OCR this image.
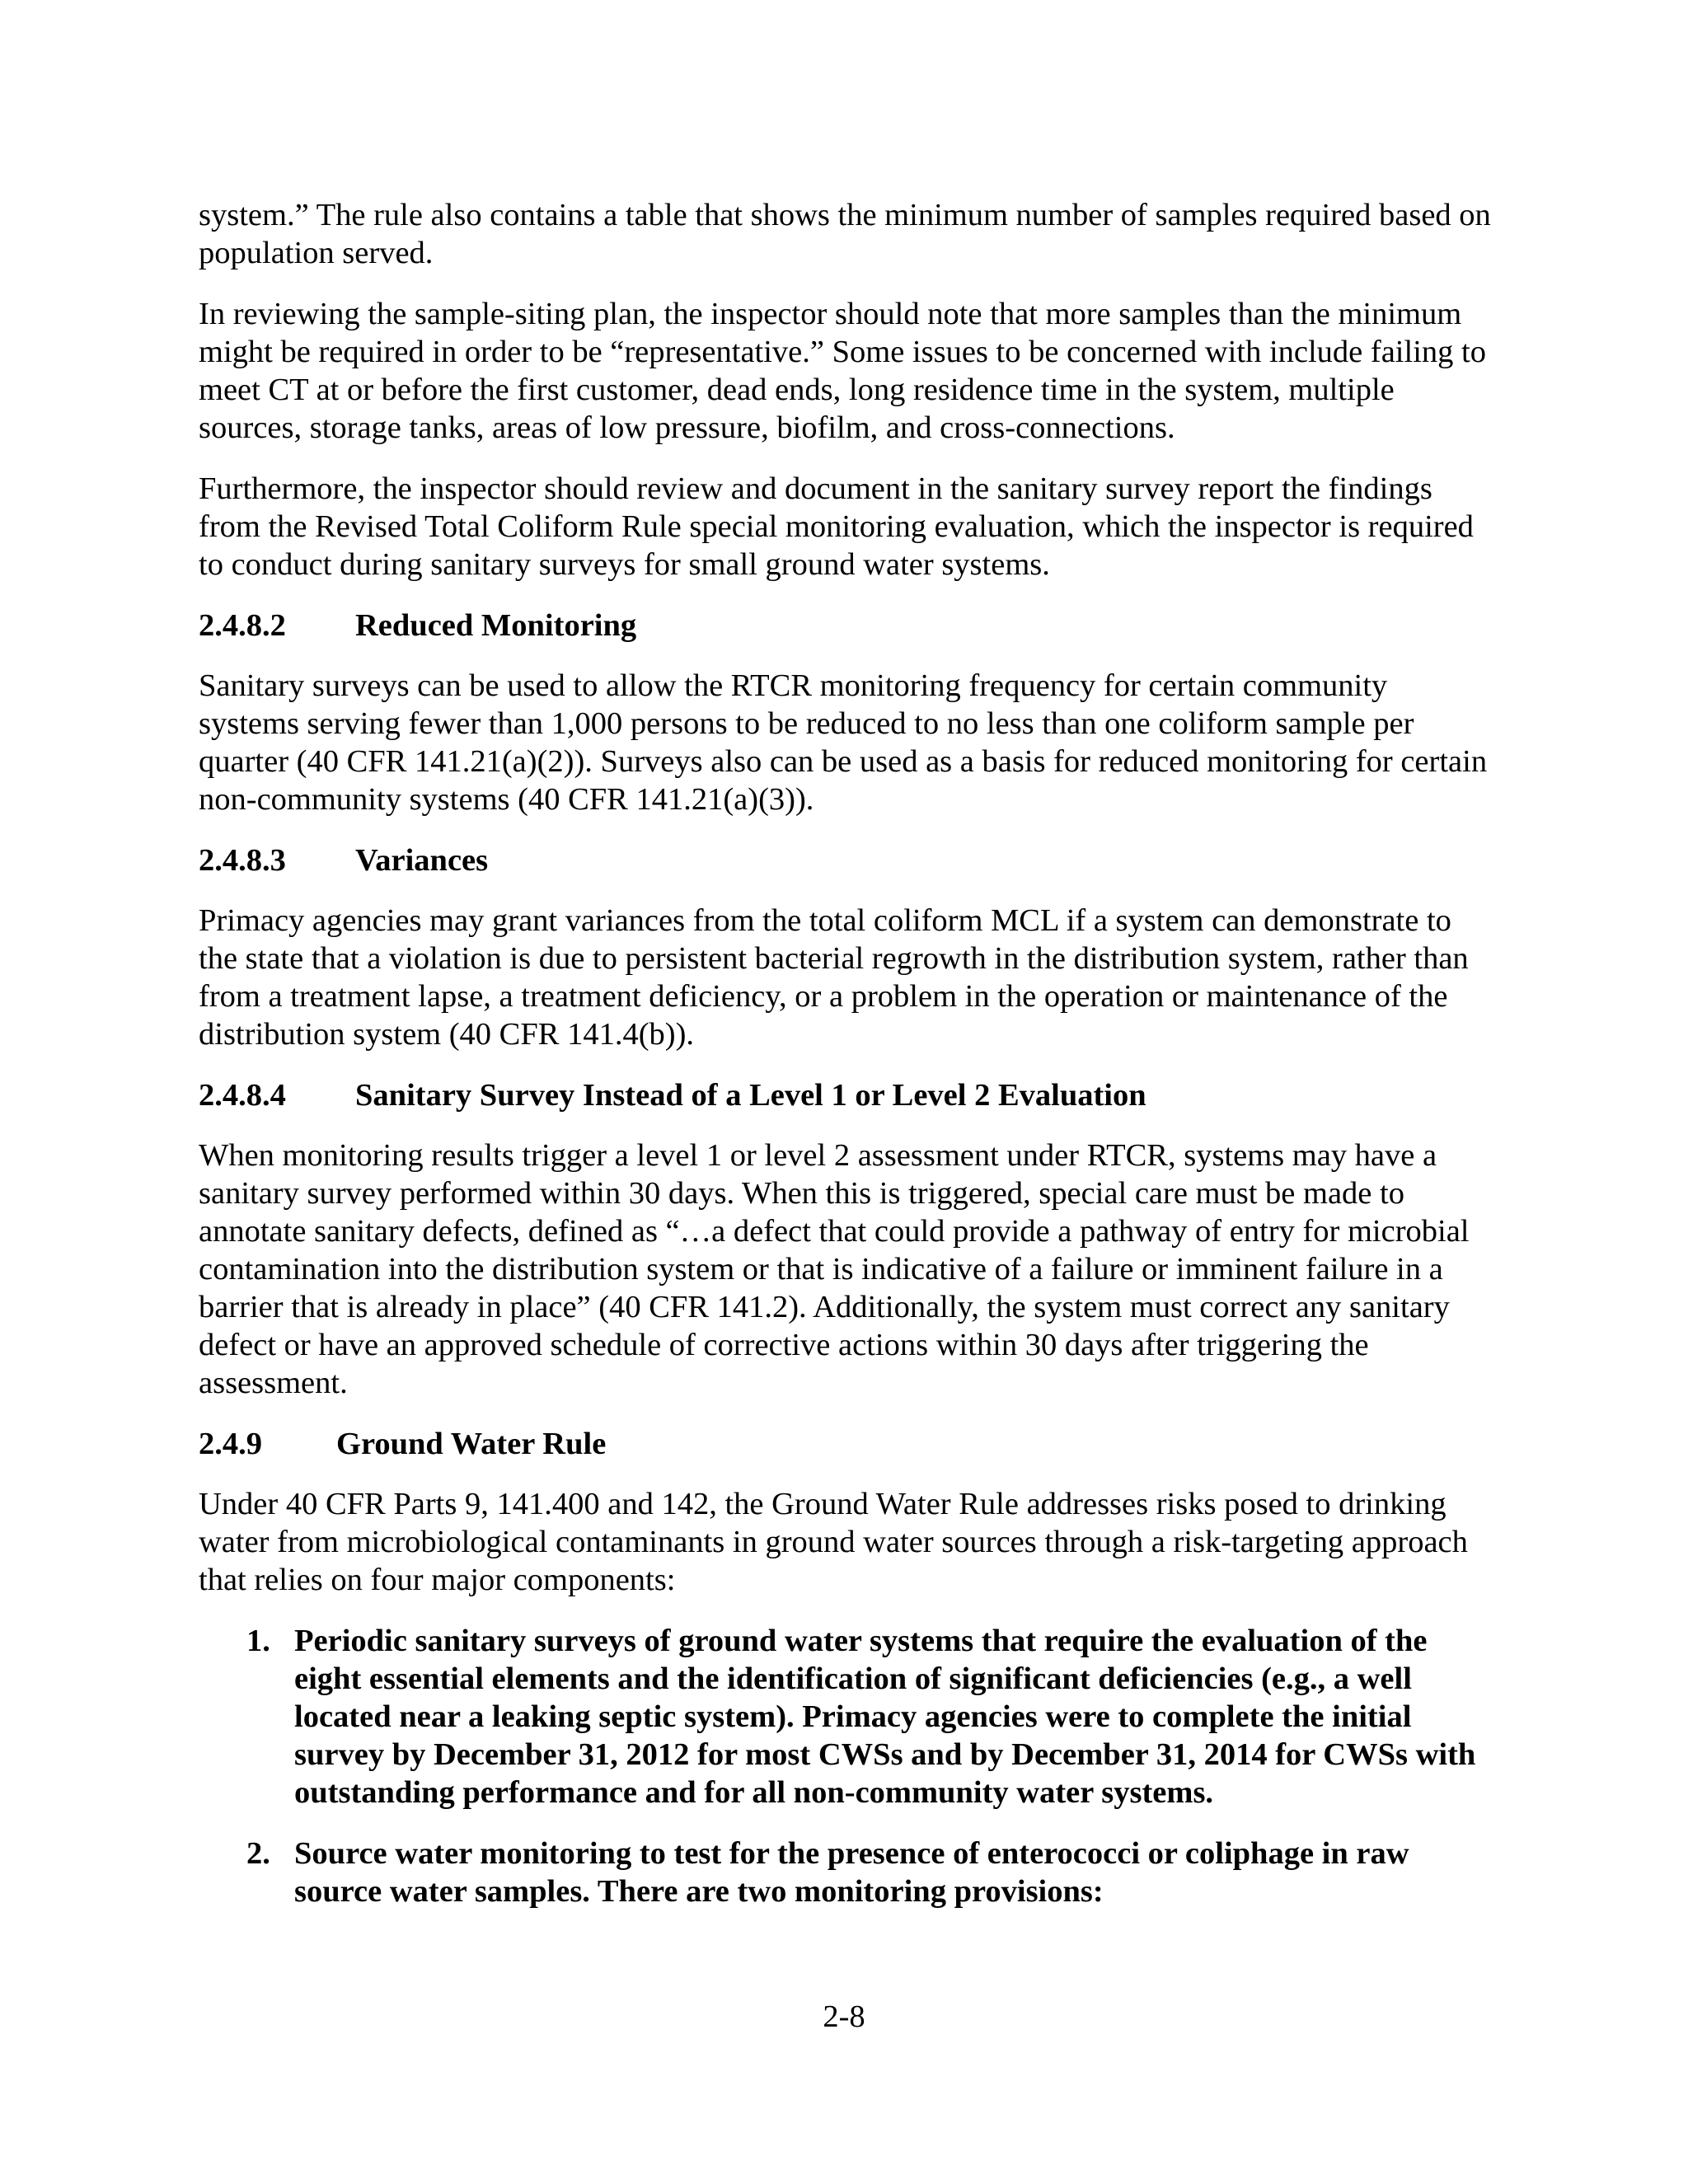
system.” The rule also contains a table that shows the minimum number of samples required based on population served.

In reviewing the sample-siting plan, the inspector should note that more samples than the minimum might be required in order to be “representative.” Some issues to be concerned with include failing to meet CT at or before the first customer, dead ends, long residence time in the system, multiple sources, storage tanks, areas of low pressure, biofilm, and cross-connections.

Furthermore, the inspector should review and document in the sanitary survey report the findings from the Revised Total Coliform Rule special monitoring evaluation, which the inspector is required to conduct during sanitary surveys for small ground water systems.

2.4.8.2	Reduced Monitoring

Sanitary surveys can be used to allow the RTCR monitoring frequency for certain community systems serving fewer than 1,000 persons to be reduced to no less than one coliform sample per quarter (40 CFR 141.21(a)(2)). Surveys also can be used as a basis for reduced monitoring for certain non-community systems (40 CFR 141.21(a)(3)).

2.4.8.3	Variances

Primacy agencies may grant variances from the total coliform MCL if a system can demonstrate to the state that a violation is due to persistent bacterial regrowth in the distribution system, rather than from a treatment lapse, a treatment deficiency, or a problem in the operation or maintenance of the distribution system (40 CFR 141.4(b)).

2.4.8.4	Sanitary Survey Instead of a Level 1 or Level 2 Evaluation

When monitoring results trigger a level 1 or level 2 assessment under RTCR, systems may have a sanitary survey performed within 30 days. When this is triggered, special care must be made to annotate sanitary defects, defined as “…a defect that could provide a pathway of entry for microbial contamination into the distribution system or that is indicative of a failure or imminent failure in a barrier that is already in place” (40 CFR 141.2). Additionally, the system must correct any sanitary defect or have an approved schedule of corrective actions within 30 days after triggering the assessment.

2.4.9	Ground Water Rule

Under 40 CFR Parts 9, 141.400 and 142, the Ground Water Rule addresses risks posed to drinking water from microbiological contaminants in ground water sources through a risk-targeting approach that relies on four major components:

1. Periodic sanitary surveys of ground water systems that require the evaluation of the eight essential elements and the identification of significant deficiencies (e.g., a well located near a leaking septic system). Primacy agencies were to complete the initial survey by December 31, 2012 for most CWSs and by December 31, 2014 for CWSs with outstanding performance and for all non-community water systems.
2. Source water monitoring to test for the presence of enterococci or coliphage in raw source water samples. There are two monitoring provisions:
2-8
